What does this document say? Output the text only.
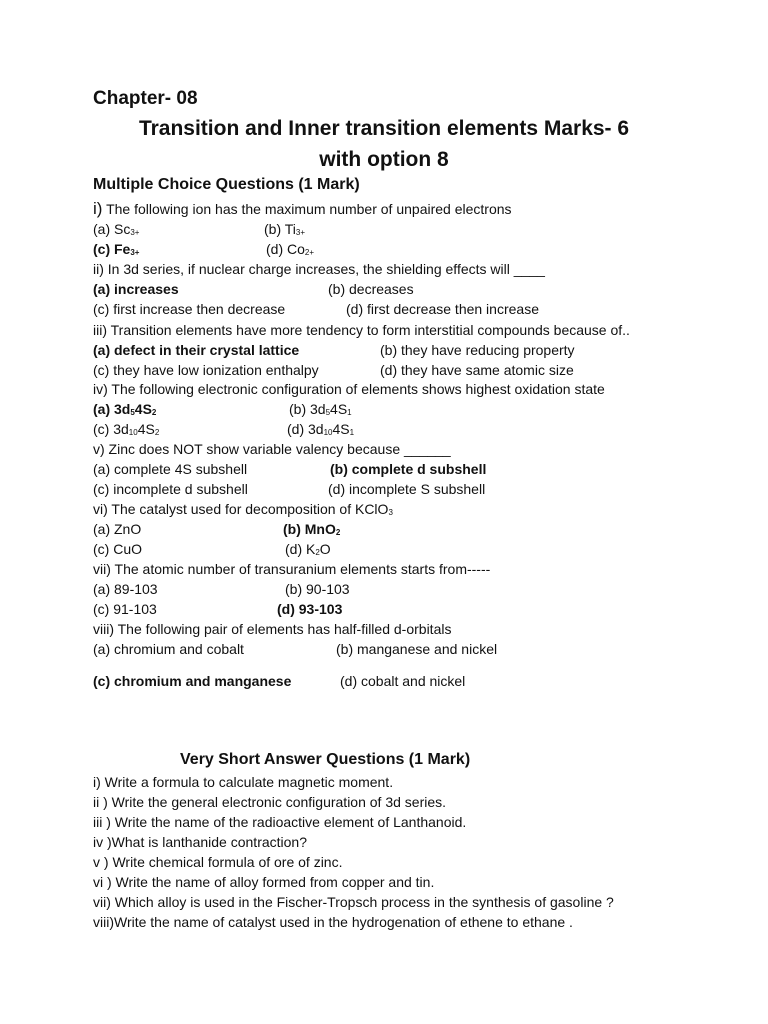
Chapter- 08
Transition and Inner transition elements Marks- 6
with option 8
Multiple Choice Questions (1 Mark)
i) The following ion has the maximum number of unpaired electrons
(a) $Sc_{3+}$	(b) $Ti_{3+}$
(c) $Fe_{3+}$	(d) $Co_{2+}$
ii) In 3d series, if nuclear charge increases, the shielding effects will ____
(a) increases	(b) decreases
(c) first increase then decrease	(d) first decrease then increase
iii) Transition elements have more tendency to form interstitial compounds because of..
(a) defect in their crystal lattice	(b) they have reducing property
(c) they have low ionization enthalpy	(d) they have same atomic size
iv) The following electronic configuration of elements shows highest oxidation state
(a) $3d_54S_2$	(b) $3d_54S_1$
(c) $3d_{10}4S_2$	(d) $3d_{10}4S_1$
v) Zinc does NOT show variable valency because ______
(a) complete 4S subshell	(b) complete d subshell
(c) incomplete d subshell	(d) incomplete S subshell
vi) The catalyst used for decomposition of KClO$_3$
(a) ZnO	(b) MnO$_2$
(c) CuO	(d) $K_2O$
vii) The atomic number of transuranium elements starts from-----
(a) 89-103	(b) 90-103
(c) 91-103	(d) 93-103
viii) The following pair of elements has half-filled d-orbitals
(a) chromium and cobalt	(b) manganese and nickel
(c) chromium and manganese	(d) cobalt and nickel
Very Short Answer Questions (1 Mark)
i) Write a formula to calculate magnetic moment.
ii ) Write the general electronic configuration of 3d series.
iii ) Write the name of the radioactive element of Lanthanoid.
iv )What is lanthanide contraction?
v ) Write chemical formula of ore of zinc.
vi ) Write the name of alloy formed from copper and tin.
vii) Which alloy is used in the Fischer-Tropsch process in the synthesis of gasoline ?
viii)Write the name of catalyst used in the hydrogenation of ethene to ethane .
